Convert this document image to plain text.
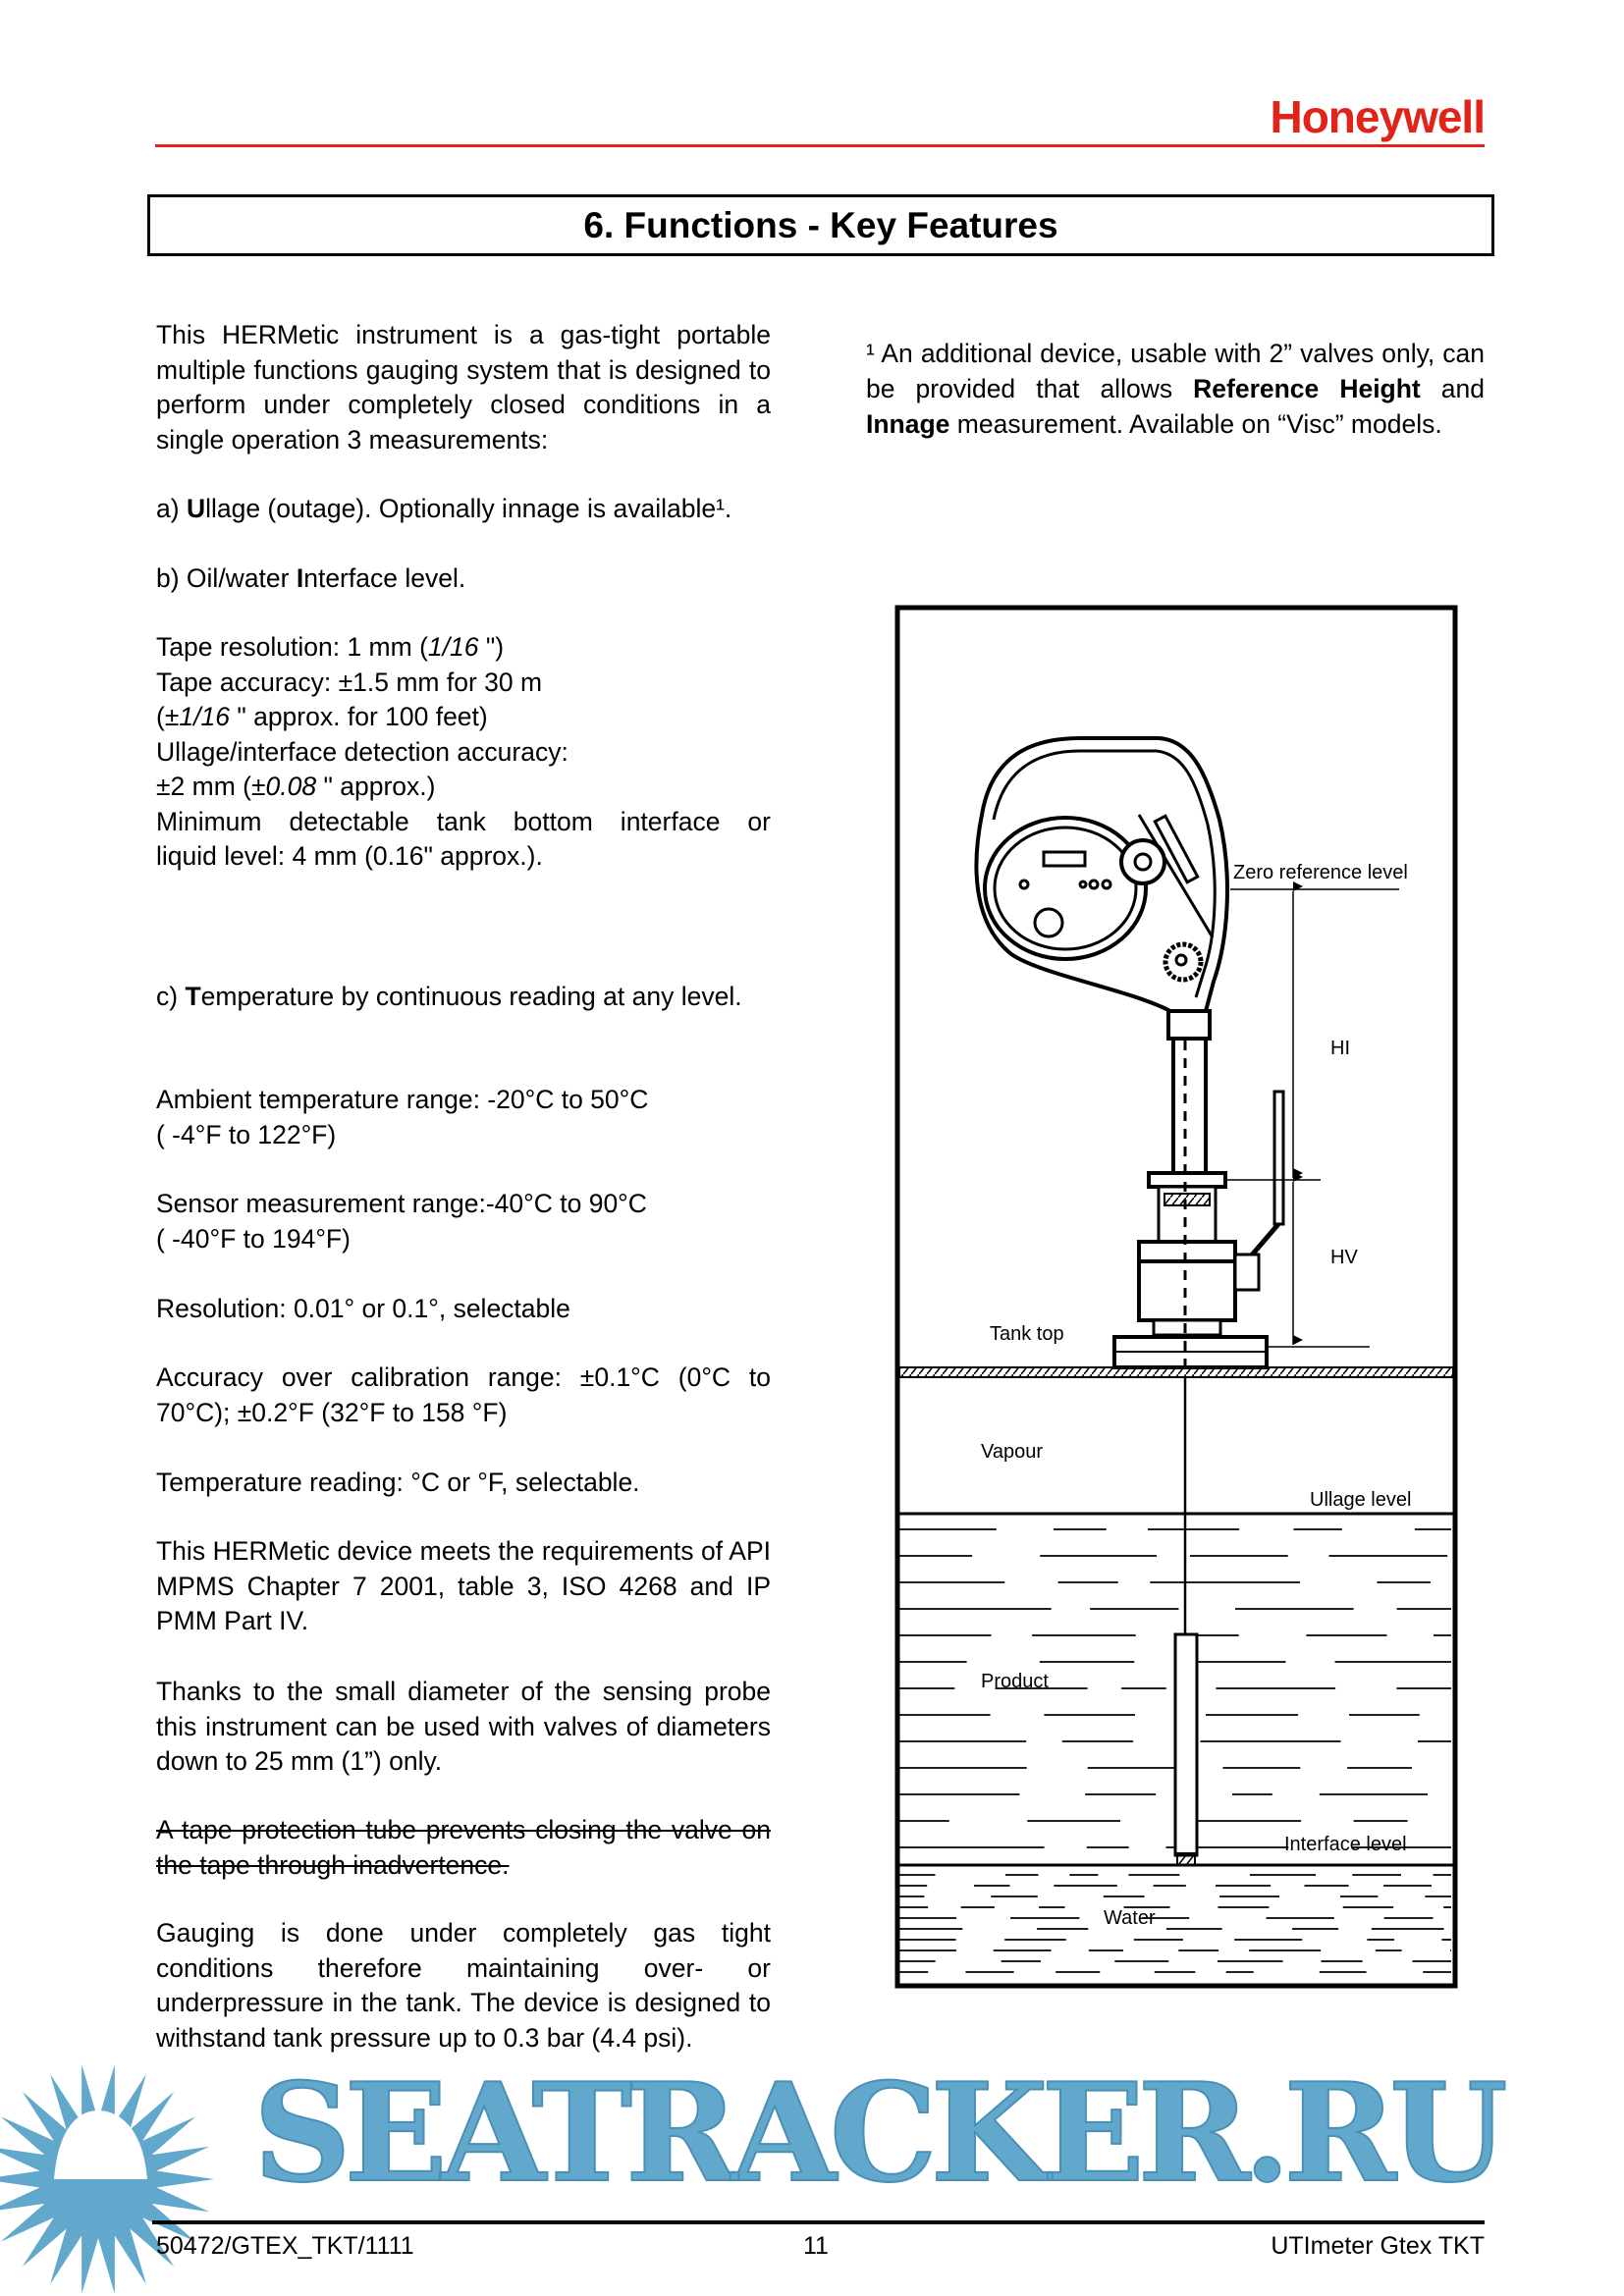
Honeywell
6. Functions - Key Features
This HERMetic instrument is a gas-tight portable multiple functions gauging system that is designed to perform under completely closed conditions in a single operation 3 measurements:
a) Ullage (outage). Optionally innage is available¹.
b) Oil/water Interface level.
Tape resolution: 1 mm (1/16 ")
Tape accuracy: ±1.5 mm for 30 m
(±1/16 " approx. for 100 feet)
Ullage/interface detection accuracy:
±2 mm (±0.08 " approx.)
Minimum detectable tank bottom interface or
liquid level: 4 mm (0.16" approx.).
c) Temperature by continuous reading at any level.
Ambient temperature range: -20°C to 50°C
( -4°F to 122°F)
Sensor measurement range:-40°C to 90°C
( -40°F to 194°F)
Resolution: 0.01° or 0.1°, selectable
Accuracy over calibration range: ±0.1°C (0°C to 70°C); ±0.2°F (32°F to 158 °F)
Temperature reading: °C or °F, selectable.
This HERMetic device meets the requirements of API MPMS Chapter 7 2001, table 3, ISO 4268 and IP PMM Part IV.
Thanks to the small diameter of the sensing probe this instrument can be used with valves of diameters down to 25 mm (1”) only.
A tape protection tube prevents closing the valve on the tape through inadvertence.
Gauging is done under completely gas tight conditions therefore maintaining over- or underpressure in the tank. The device is designed to withstand tank pressure up to 0.3 bar (4.4 psi).
¹ An additional device, usable with 2” valves only, can be provided that allows Reference Height and Innage measurement. Available on “Visc” models.
Zero reference level
HI
HV
Tank top
Vapour
Ullage level
Product
Interface level
Water
SEATRACKER.RU
50472/GTEX_TKT/1111	11	UTImeter Gtex TKT
